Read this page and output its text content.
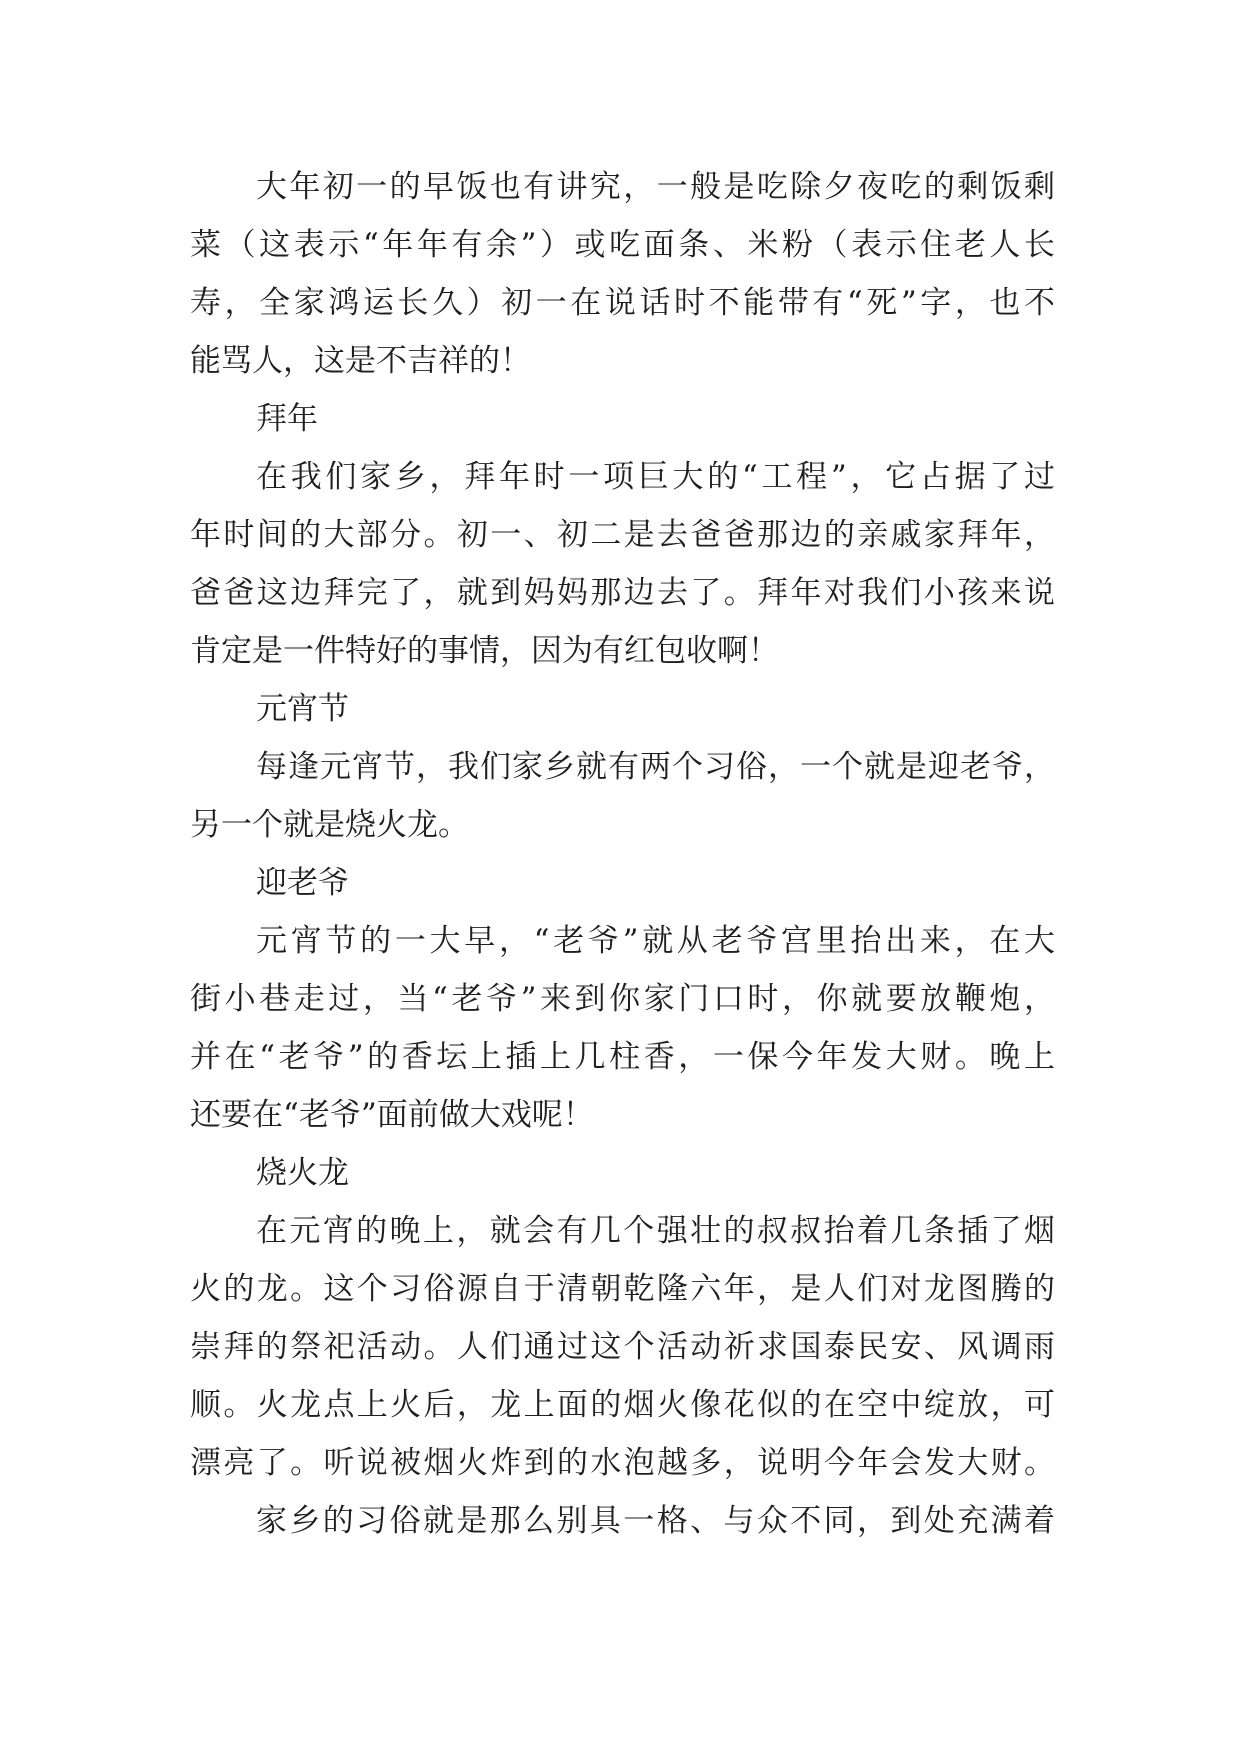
大年初一的早饭也有讲究，一般是吃除夕夜吃的剩饭剩
菜（这表示“年年有余”）或吃面条、米粉（表示住老人长
寿，全家鸿运长久）初一在说话时不能带有“死”字，也不
能骂人，这是不吉祥的！
拜年
在我们家乡，拜年时一项巨大的“工程”，它占据了过
年时间的大部分。初一、初二是去爸爸那边的亲戚家拜年，
爸爸这边拜完了，就到妈妈那边去了。拜年对我们小孩来说
肯定是一件特好的事情，因为有红包收啊！
元宵节
每逢元宵节，我们家乡就有两个习俗，一个就是迎老爷，
另一个就是烧火龙。
迎老爷
元宵节的一大早，“老爷”就从老爷宫里抬出来，在大
街小巷走过，当“老爷”来到你家门口时，你就要放鞭炮，
并在“老爷”的香坛上插上几柱香，一保今年发大财。晚上
还要在“老爷”面前做大戏呢！
烧火龙
在元宵的晚上，就会有几个强壮的叔叔抬着几条插了烟
火的龙。这个习俗源自于清朝乾隆六年，是人们对龙图腾的
崇拜的祭祀活动。人们通过这个活动祈求国泰民安、风调雨
顺。火龙点上火后，龙上面的烟火像花似的在空中绽放，可
漂亮了。听说被烟火炸到的水泡越多，说明今年会发大财。
家乡的习俗就是那么别具一格、与众不同，到处充满着
